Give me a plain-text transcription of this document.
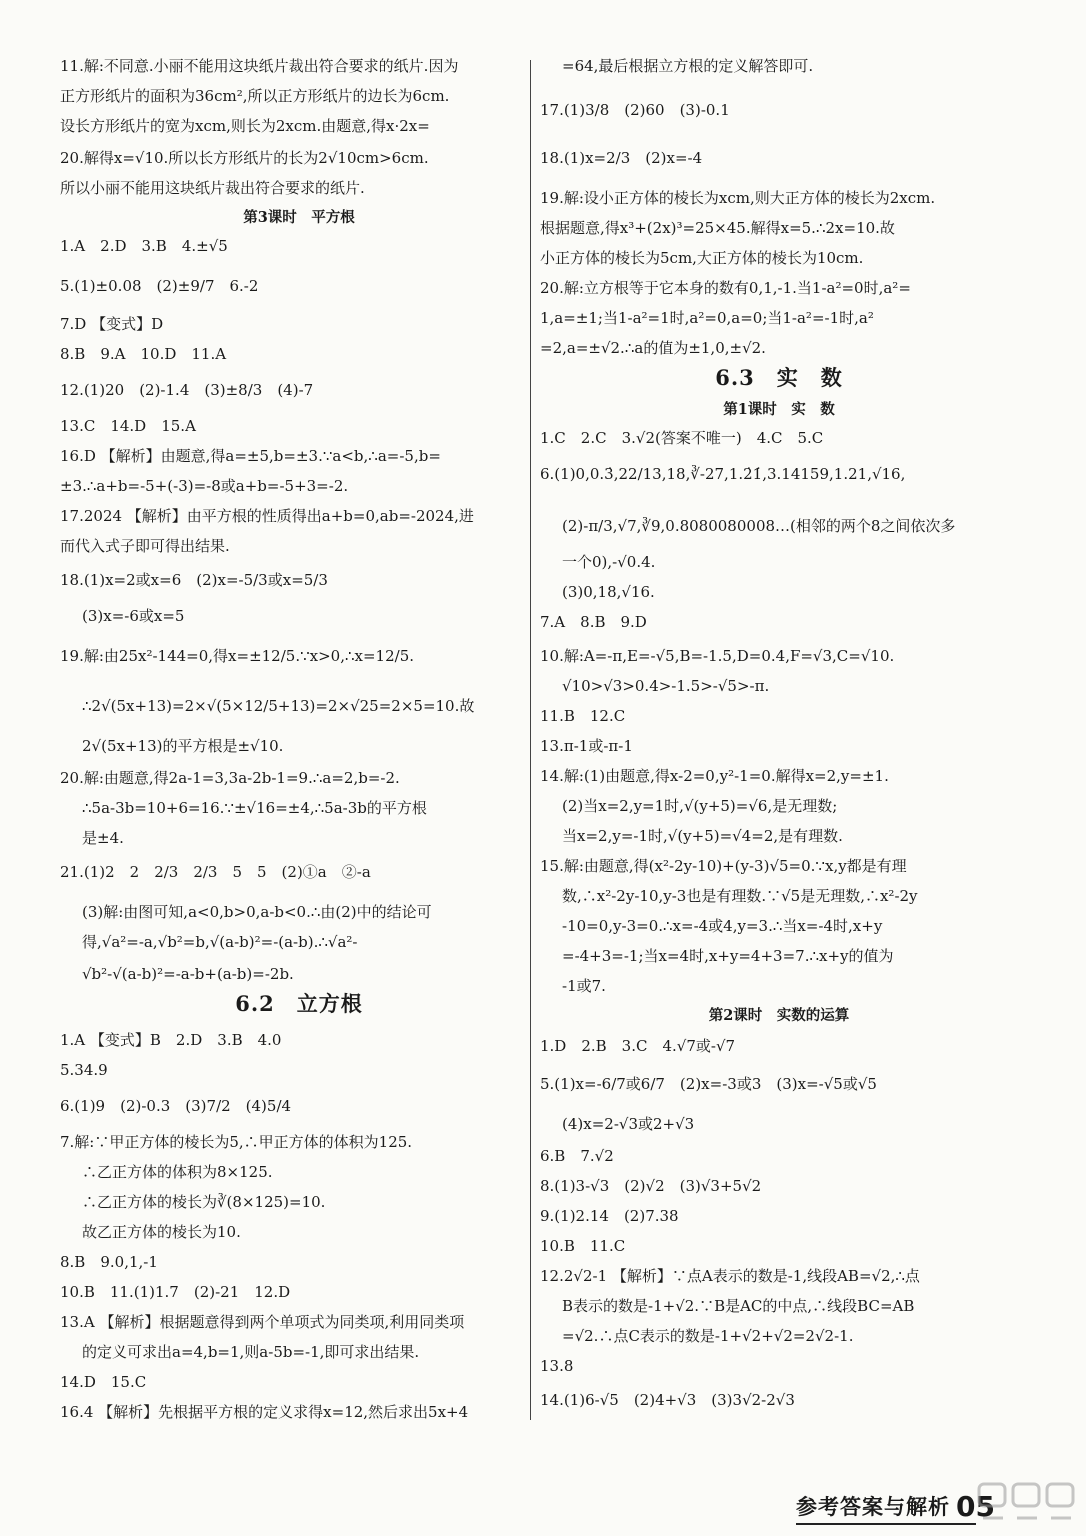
11.解:不同意.小丽不能用这块纸片裁出符合要求的纸片.因为
正方形纸片的面积为36cm²,所以正方形纸片的边长为6cm.
设长方形纸片的宽为xcm,则长为2xcm.由题意,得x·2x=
20.解得x=√10.所以长方形纸片的长为2√10cm>6cm.
所以小丽不能用这块纸片裁出符合要求的纸片.
第3课时　平方根
1.A　2.D　3.B　4.±√5
5.(1)±0.08　(2)±9/7　6.-2
7.D 【变式】D
8.B　9.A　10.D　11.A
12.(1)20　(2)-1.4　(3)±8/3　(4)-7
13.C　14.D　15.A
16.D 【解析】由题意,得a=±5,b=±3.∵a<b,∴a=-5,b=
±3.∴a+b=-5+(-3)=-8或a+b=-5+3=-2.
17.2024 【解析】由平方根的性质得出a+b=0,ab=-2024,进
而代入式子即可得出结果.
18.(1)x=2或x=6　(2)x=-5/3或x=5/3
(3)x=-6或x=5
19.解:由25x²-144=0,得x=±12/5.∵x>0,∴x=12/5.
∴2√(5x+13)=2×√(5×12/5+13)=2×√25=2×5=10.故
2√(5x+13)的平方根是±√10.
20.解:由题意,得2a-1=3,3a-2b-1=9.∴a=2,b=-2.
∴5a-3b=10+6=16.∵±√16=±4,∴5a-3b的平方根
是±4.
21.(1)2　2　2/3　2/3　5　5　(2)①a　②-a
(3)解:由图可知,a<0,b>0,a-b<0.∴由(2)中的结论可
得,√a²=-a,√b²=b,√(a-b)²=-(a-b).∴√a²-
√b²-√(a-b)²=-a-b+(a-b)=-2b.
6.2　立方根
1.A 【变式】B　2.D　3.B　4.0
5.34.9
6.(1)9　(2)-0.3　(3)7/2　(4)5/4
7.解:∵甲正方体的棱长为5,∴甲正方体的体积为125.
∴乙正方体的体积为8×125.
∴乙正方体的棱长为∛(8×125)=10.
故乙正方体的棱长为10.
8.B　9.0,1,-1
10.B　11.(1)1.7　(2)-21　12.D
13.A 【解析】根据题意得到两个单项式为同类项,利用同类项
的定义可求出a=4,b=1,则a-5b=-1,即可求出结果.
14.D　15.C
16.4 【解析】先根据平方根的定义求得x=12,然后求出5x+4
=64,最后根据立方根的定义解答即可.
17.(1)3/8　(2)60　(3)-0.1
18.(1)x=2/3　(2)x=-4
19.解:设小正方体的棱长为xcm,则大正方体的棱长为2xcm.
根据题意,得x³+(2x)³=25×45.解得x=5.∴2x=10.故
小正方体的棱长为5cm,大正方体的棱长为10cm.
20.解:立方根等于它本身的数有0,1,-1.当1-a²=0时,a²=
1,a=±1;当1-a²=1时,a²=0,a=0;当1-a²=-1时,a²
=2,a=±√2.∴a的值为±1,0,±√2.
6.3　实　数
第1课时　实　数
1.C　2.C　3.√2(答案不唯一)　4.C　5.C
6.(1)0,0.3̇,22/13,18,∛-27,1.2̇1̇,3.14159,1.21,√16,
(2)-π/3,√7,∛9,0.8080080008…(相邻的两个8之间依次多
一个0),-√0.4.
(3)0,18,√16.
7.A　8.B　9.D
10.解:A=-π,E=-√5,B=-1.5,D=0.4,F=√3,C=√10.
√10>√3>0.4>-1.5>-√5>-π.
11.B　12.C
13.π-1或-π-1
14.解:(1)由题意,得x-2=0,y²-1=0.解得x=2,y=±1.
(2)当x=2,y=1时,√(y+5)=√6,是无理数;
当x=2,y=-1时,√(y+5)=√4=2,是有理数.
15.解:由题意,得(x²-2y-10)+(y-3)√5=0.∵x,y都是有理
数,∴x²-2y-10,y-3也是有理数.∵√5是无理数,∴x²-2y
-10=0,y-3=0.∴x=-4或4,y=3.∴当x=-4时,x+y
=-4+3=-1;当x=4时,x+y=4+3=7.∴x+y的值为
-1或7.
第2课时　实数的运算
1.D　2.B　3.C　4.√7或-√7
5.(1)x=-6/7或6/7　(2)x=-3或3　(3)x=-√5或√5
(4)x=2-√3或2+√3
6.B　7.√2
8.(1)3-√3　(2)√2　(3)√3+5√2
9.(1)2.14　(2)7.38
10.B　11.C
12.2√2-1 【解析】∵点A表示的数是-1,线段AB=√2,∴点
B表示的数是-1+√2.∵B是AC的中点,∴线段BC=AB
=√2.∴点C表示的数是-1+√2+√2=2√2-1.
13.8
14.(1)6-√5　(2)4+√3　(3)3√2-2√3
参考答案与解析 05
